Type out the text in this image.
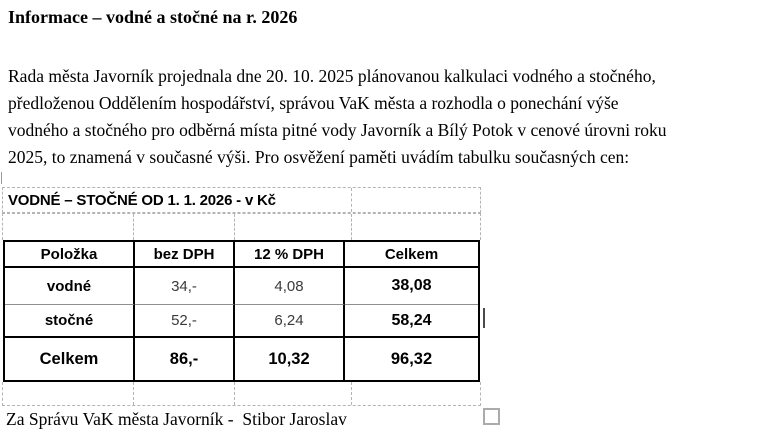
Informace – vodné a stočné na r. 2026
Rada města Javorník projednala dne 20. 10. 2025 plánovanou kalkulaci vodného a stočného,
předloženou Oddělením hospodářství, správou VaK města a rozhodla o ponechání výše
vodného a stočného pro odběrná místa pitné vody Javorník a Bílý Potok v cenové úrovni roku
2025, to znamená v současné výši. Pro osvěžení paměti uvádím tabulku současných cen:
VODNÉ – STOČNÉ OD 1. 1. 2026 - v Kč
Položka	bez DPH	12 % DPH	Celkem
vodné	34,-	4,08	38,08
stočné	52,-	6,24	58,24
Celkem	86,-	10,32	96,32
Za Správu VaK města Javorník -  Stibor Jaroslav
